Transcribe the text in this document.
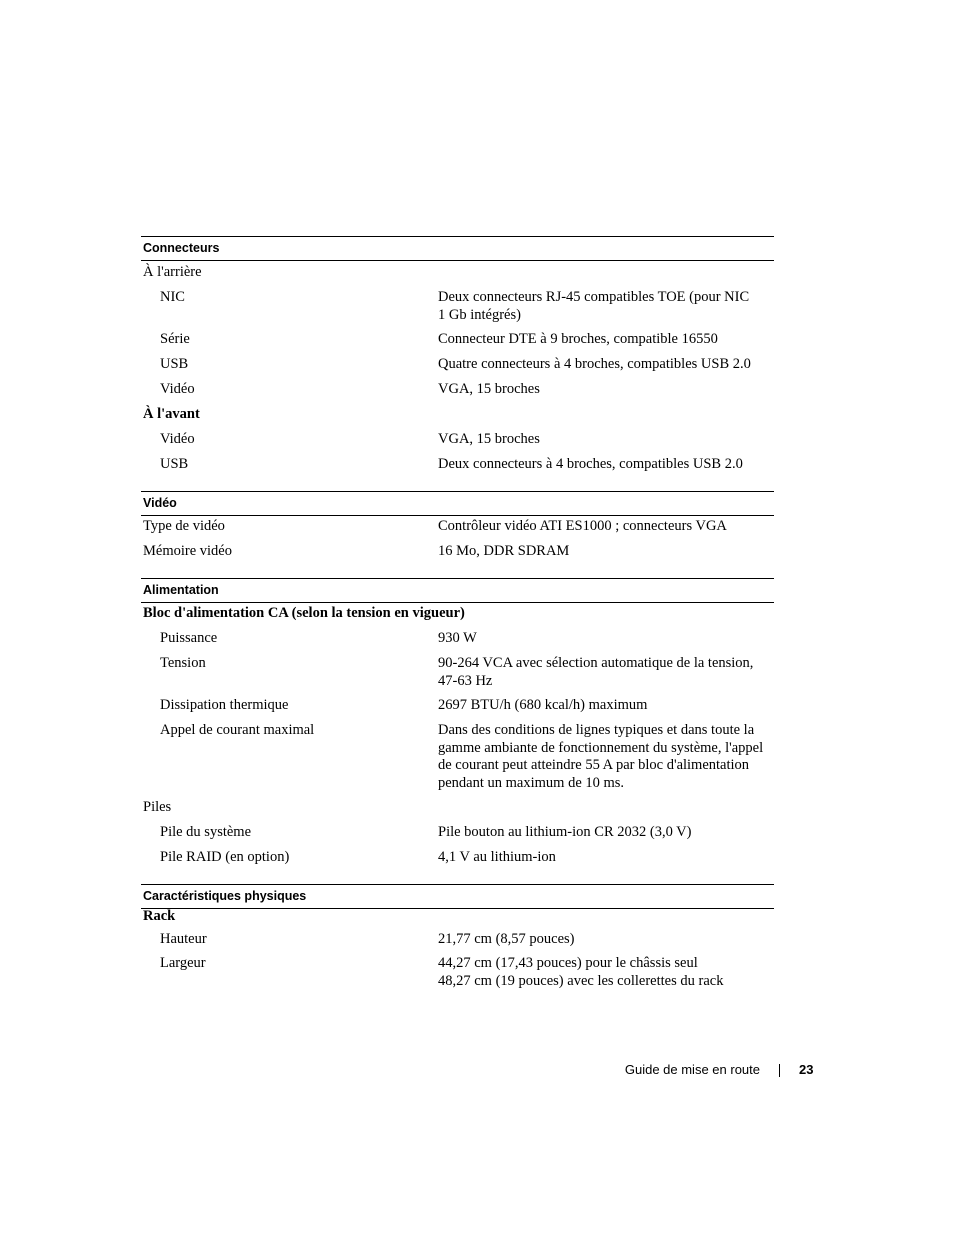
Connecteurs
À l'arrière
NIC	Deux connecteurs RJ-45 compatibles TOE (pour NIC
1 Gb intégrés)
Série	Connecteur DTE à 9 broches, compatible 16550
USB	Quatre connecteurs à 4 broches, compatibles USB 2.0
Vidéo	VGA, 15 broches
À l'avant
Vidéo	VGA, 15 broches
USB	Deux connecteurs à 4 broches, compatibles USB 2.0
Vidéo
Type de vidéo	Contrôleur vidéo ATI ES1000 ; connecteurs VGA
Mémoire vidéo	16 Mo, DDR SDRAM
Alimentation
Bloc d'alimentation CA (selon la tension en vigueur)
Puissance	930 W
Tension	90-264 VCA avec sélection automatique de la tension,
47-63 Hz
Dissipation thermique	2697 BTU/h (680 kcal/h) maximum
Appel de courant maximal	Dans des conditions de lignes typiques et dans toute la
gamme ambiante de fonctionnement du système, l'appel
de courant peut atteindre 55 A par bloc d'alimentation
pendant un maximum de 10 ms.
Piles
Pile du système	Pile bouton au lithium-ion CR 2032 (3,0 V)
Pile RAID (en option)	4,1 V au lithium-ion
Caractéristiques physiques
Rack
Hauteur	21,77 cm (8,57 pouces)
Largeur	44,27 cm (17,43 pouces) pour le châssis seul
48,27 cm (19 pouces) avec les collerettes du rack
Guide de mise en route	23
